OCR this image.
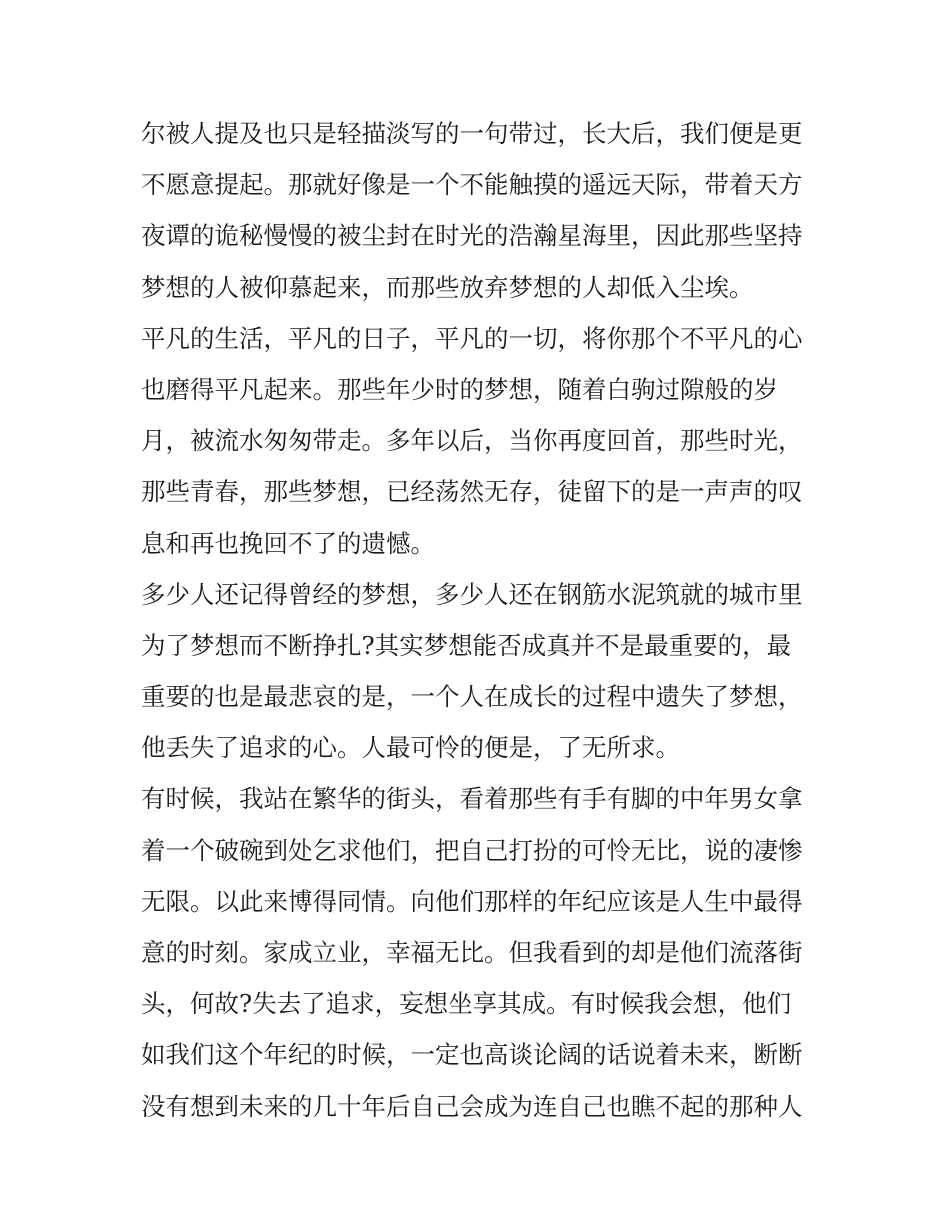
尔被人提及也只是轻描淡写的一句带过，长大后，我们便是更
不愿意提起。那就好像是一个不能触摸的遥远天际，带着天方
夜谭的诡秘慢慢的被尘封在时光的浩瀚星海里，因此那些坚持
梦想的人被仰慕起来，而那些放弃梦想的人却低入尘埃。
平凡的生活，平凡的日子，平凡的一切，将你那个不平凡的心
也磨得平凡起来。那些年少时的梦想，随着白驹过隙般的岁
月，被流水匆匆带走。多年以后，当你再度回首，那些时光，
那些青春，那些梦想，已经荡然无存，徒留下的是一声声的叹
息和再也挽回不了的遗憾。
多少人还记得曾经的梦想，多少人还在钢筋水泥筑就的城市里
为了梦想而不断挣扎?其实梦想能否成真并不是最重要的，最
重要的也是最悲哀的是，一个人在成长的过程中遗失了梦想，
他丢失了追求的心。人最可怜的便是，了无所求。
有时候，我站在繁华的街头，看着那些有手有脚的中年男女拿
着一个破碗到处乞求他们，把自己打扮的可怜无比，说的凄惨
无限。以此来博得同情。向他们那样的年纪应该是人生中最得
意的时刻。家成立业，幸福无比。但我看到的却是他们流落街
头，何故?失去了追求，妄想坐享其成。有时候我会想，他们
如我们这个年纪的时候，一定也高谈论阔的话说着未来，断断
没有想到未来的几十年后自己会成为连自己也瞧不起的那种人
